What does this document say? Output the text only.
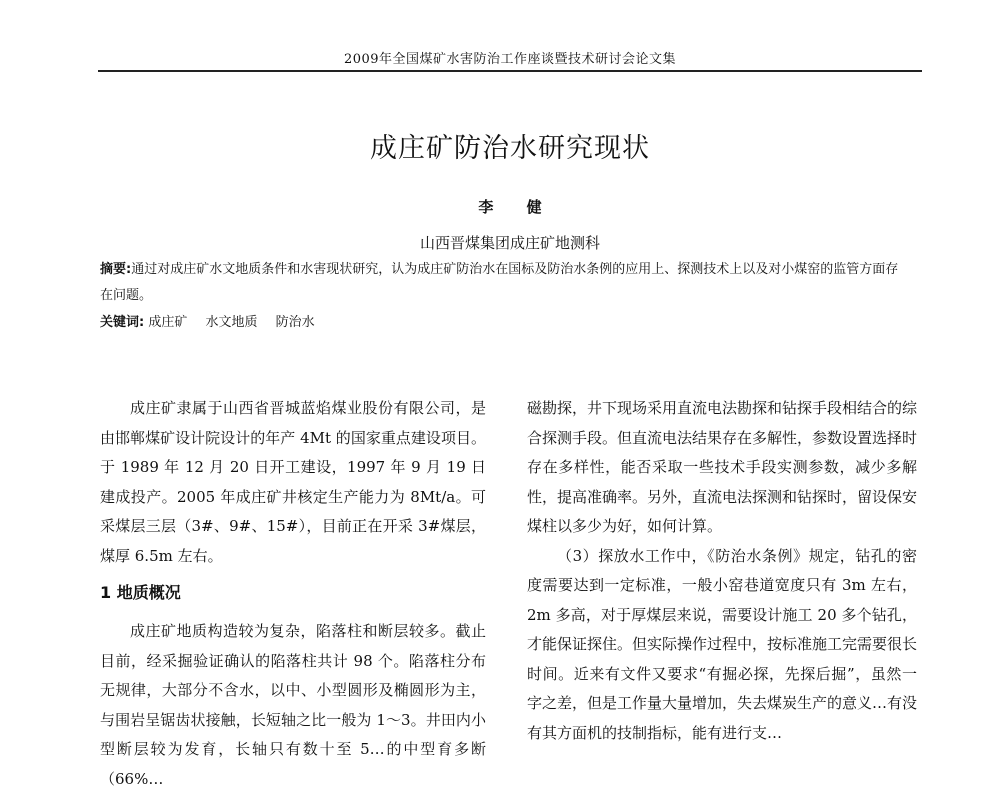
2009年全国煤矿水害防治工作座谈暨技术研讨会论文集
成庄矿防治水研究现状
李 健
山西晋煤集团成庄矿地测科
摘要:通过对成庄矿水文地质条件和水害现状研究，认为成庄矿防治水在国标及防治水条例的应用上、探测技术上以及对小煤窑的监管方面存在问题。
关键词: 成庄矿 水文地质 防治水

成庄矿隶属于山西省晋城蓝焰煤业股份有限公司，是由邯郸煤矿设计院设计的年产 4Mt 的国家重点建设项目。于 1989 年 12 月 20 日开工建设，1997 年 9 月 19 日建成投产。2005 年成庄矿井核定生产能力为 8Mt/a。可采煤层三层（3#、9#、15#），目前正在开采 3#煤层，煤厚 6.5m 左右。

1 地质概况

成庄矿地质构造较为复杂，陷落柱和断层较多。截止目前，经采掘验证确认的陷落柱共计 98 个。陷落柱分布无规律，大部分不含水，以中、小型圆形及椭圆形为主，与围岩呈锯齿状接触，长短轴之比一般为 1～3。井田内小型断层较为发育，长轴只有数十至 5…的中型育多断（66%…

磁勘探，井下现场采用直流电法勘探和钻探手段相结合的综合探测手段。但直流电法结果存在多解性，参数设置选择时存在多样性，能否采取一些技术手段实测参数，减少多解性，提高准确率。另外，直流电法探测和钻探时，留设保安煤柱以多少为好，如何计算。

（3）探放水工作中，《防治水条例》规定，钻孔的密度需要达到一定标准，一般小窑巷道宽度只有 3m 左右，2m 多高，对于厚煤层来说，需要设计施工 20 多个钻孔，才能保证探住。但实际操作过程中，按标准施工完需要很长时间。近来有文件又要求“有掘必探，先探后掘”，虽然一字之差，但是工作量大量增加，失去煤炭生产的意义…有没有其方面机的技制指标，能有进行支…
